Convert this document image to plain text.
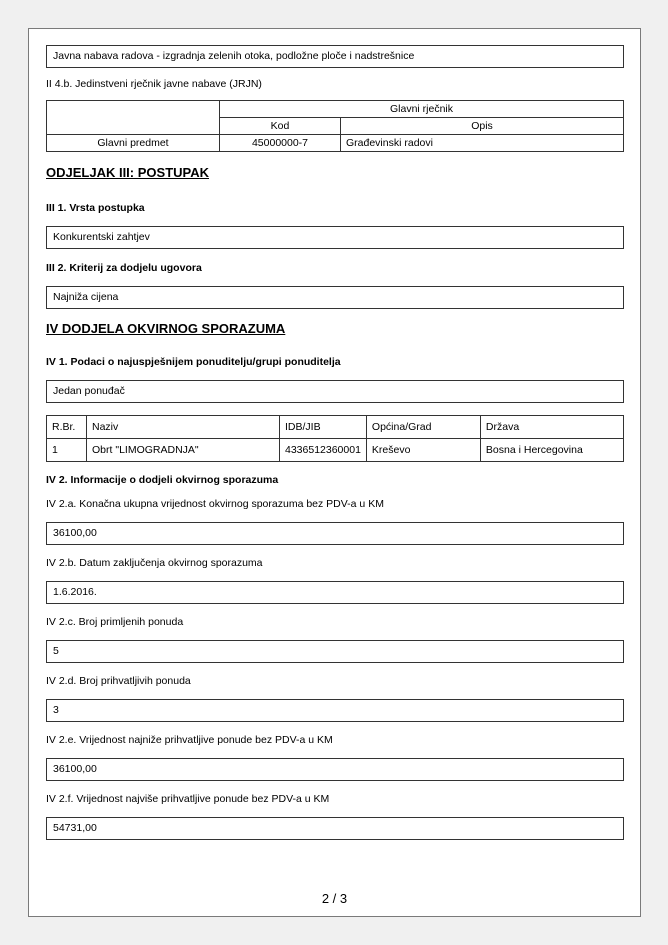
Javna nabava radova - izgradnja zelenih otoka, podložne ploče i nadstrešnice
II 4.b. Jedinstveni rječnik javne nabave (JRJN)
	Glavni rječnik	
	Kod	Opis
Glavni predmet	45000000-7	Građevinski radovi
ODJELJAK III: POSTUPAK
III 1. Vrsta postupka
Konkurentski zahtjev
III 2. Kriterij za dodjelu ugovora
Najniža cijena
IV DODJELA OKVIRNOG SPORAZUMA
IV 1. Podaci o najuspješnijem ponuditelju/grupi ponuditelja
Jedan ponuđač
R.Br.	Naziv	IDB/JIB	Općina/Grad	Država
1	Obrt "LIMOGRADNJA"	4336512360001	Kreševo	Bosna i Hercegovina
IV 2. Informacije o dodjeli okvirnog sporazuma
IV 2.a. Konačna ukupna vrijednost okvirnog sporazuma bez PDV-a u KM
36100,00
IV 2.b. Datum zaključenja okvirnog sporazuma
1.6.2016.
IV 2.c. Broj primljenih ponuda
5
IV 2.d. Broj prihvatljivih ponuda
3
IV 2.e. Vrijednost najniže prihvatljive ponude bez PDV-a u KM
36100,00
IV 2.f. Vrijednost najviše prihvatljive ponude bez PDV-a u KM
54731,00
2 / 3
